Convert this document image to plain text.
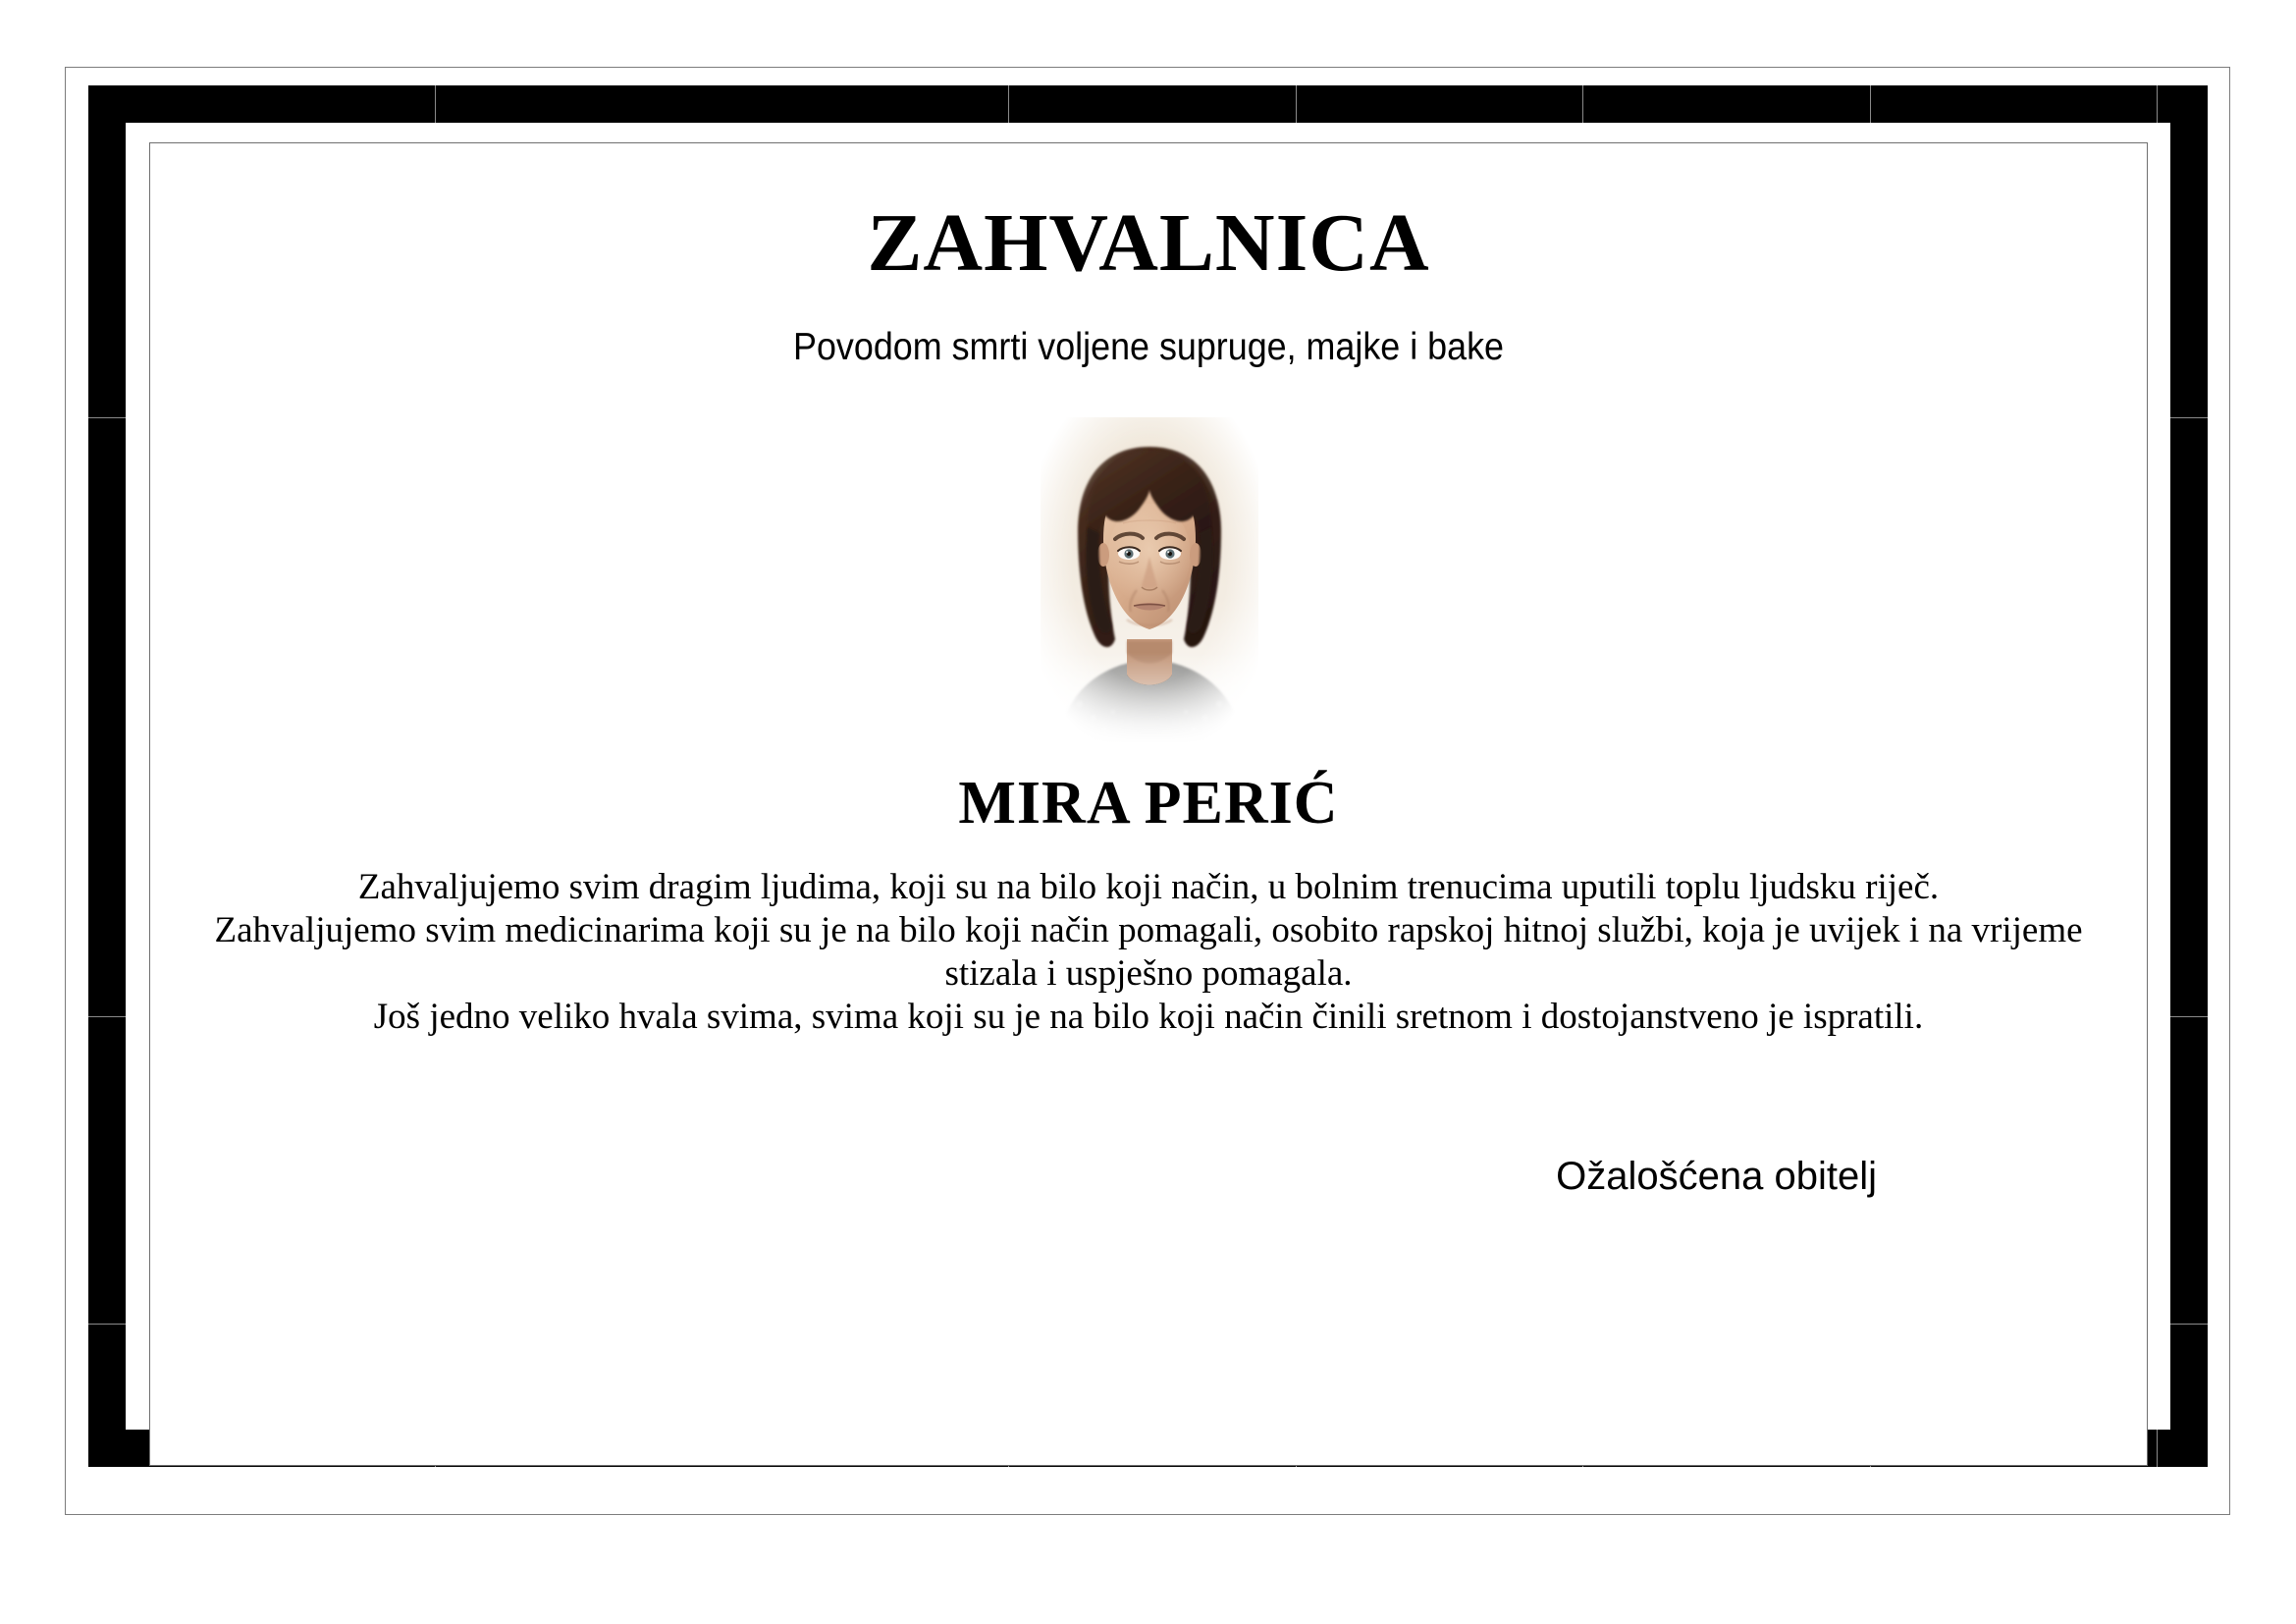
ZAHVALNICA
Povodom smrti voljene supruge, majke i bake
MIRA PERIĆ
Zahvaljujemo svim dragim ljudima, koji su na bilo koji način, u bolnim trenucima uputili toplu ljudsku riječ.
Zahvaljujemo svim medicinarima koji su je na bilo koji način pomagali, osobito rapskoj hitnoj službi, koja je uvijek i na vrijeme stizala i uspješno pomagala.
Još jedno veliko hvala svima, svima koji su je na bilo koji način činili sretnom i dostojanstveno je ispratili.
Ožalošćena obitelj
